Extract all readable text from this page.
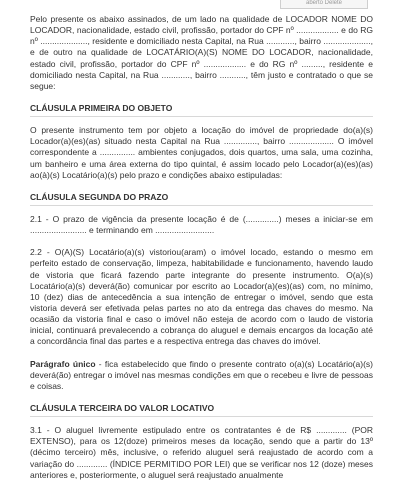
aberto Delete

Pelo presente os abaixo assinados, de um lado na qualidade de LOCADOR NOME DO LOCADOR, nacionalidade, estado civil, profissão, portador do CPF nº .................. e do RG nº ...................., residente e domiciliado nesta Capital, na Rua ............, bairro ...................., e de outro na qualidade de LOCATÁRIO(A)(S) NOME DO LOCADOR, nacionalidade, estado civil, profissão, portador do CPF nº .................. e do RG nº ........., residente e domiciliado nesta Capital, na Rua ............, bairro ..........., têm justo e contratado o que se segue:

CLÁUSULA PRIMEIRA DO OBJETO

O presente instrumento tem por objeto a locação do imóvel de propriedade do(a)(s) Locador(a)(es)(as) situado nesta Capital na Rua .............., bairro ................... O imóvel correspondente a ............... ambientes conjugados, dois quartos, uma sala, uma cozinha, um banheiro e uma área externa do tipo quintal, é assim locado pelo Locador(a)(es)(as) ao(à)(s) Locatário(a)(s) pelo prazo e condições abaixo estipuladas:

CLÁUSULA SEGUNDA DO PRAZO

2.1 - O prazo de vigência da presente locação é de (..............) meses a iniciar-se em ........................ e terminando em .........................

2.2 - O(A)(S) Locatário(a)(s) vistoriou(aram) o imóvel locado, estando o mesmo em perfeito estado de conservação, limpeza, habitabilidade e funcionamento, havendo laudo de vistoria que ficará fazendo parte integrante do presente instrumento. O(a)(s) Locatário(a)(s) deverá(ão) comunicar por escrito ao Locador(a)(es)(as) com, no mínimo, 10 (dez) dias de antecedência a sua intenção de entregar o imóvel, sendo que esta vistoria deverá ser efetivada pelas partes no ato da entrega das chaves do mesmo. Na ocasião da vistoria final e caso o imóvel não esteja de acordo com o laudo de vistoria inicial, continuará prevalecendo a cobrança do aluguel e demais encargos da locação até a concordância final das partes e a respectiva entrega das chaves do imóvel.

Parágrafo único - fica estabelecido que findo o presente contrato o(a)(s) Locatário(a)(s) deverá(ão) entregar o imóvel nas mesmas condições em que o recebeu e livre de pessoas e coisas.

CLÁUSULA TERCEIRA DO VALOR LOCATIVO

3.1 - O aluguel livremente estipulado entre os contratantes é de R$ ............. (POR EXTENSO), para os 12(doze) primeiros meses da locação, sendo que a partir do 13º (décimo terceiro) mês, inclusive, o referido aluguel será reajustado de acordo com a variação do ............. (ÍNDICE PERMITIDO POR LEI) que se verificar nos 12 (doze) meses anteriores e, posteriormente, o aluguel será reajustado anualmente
